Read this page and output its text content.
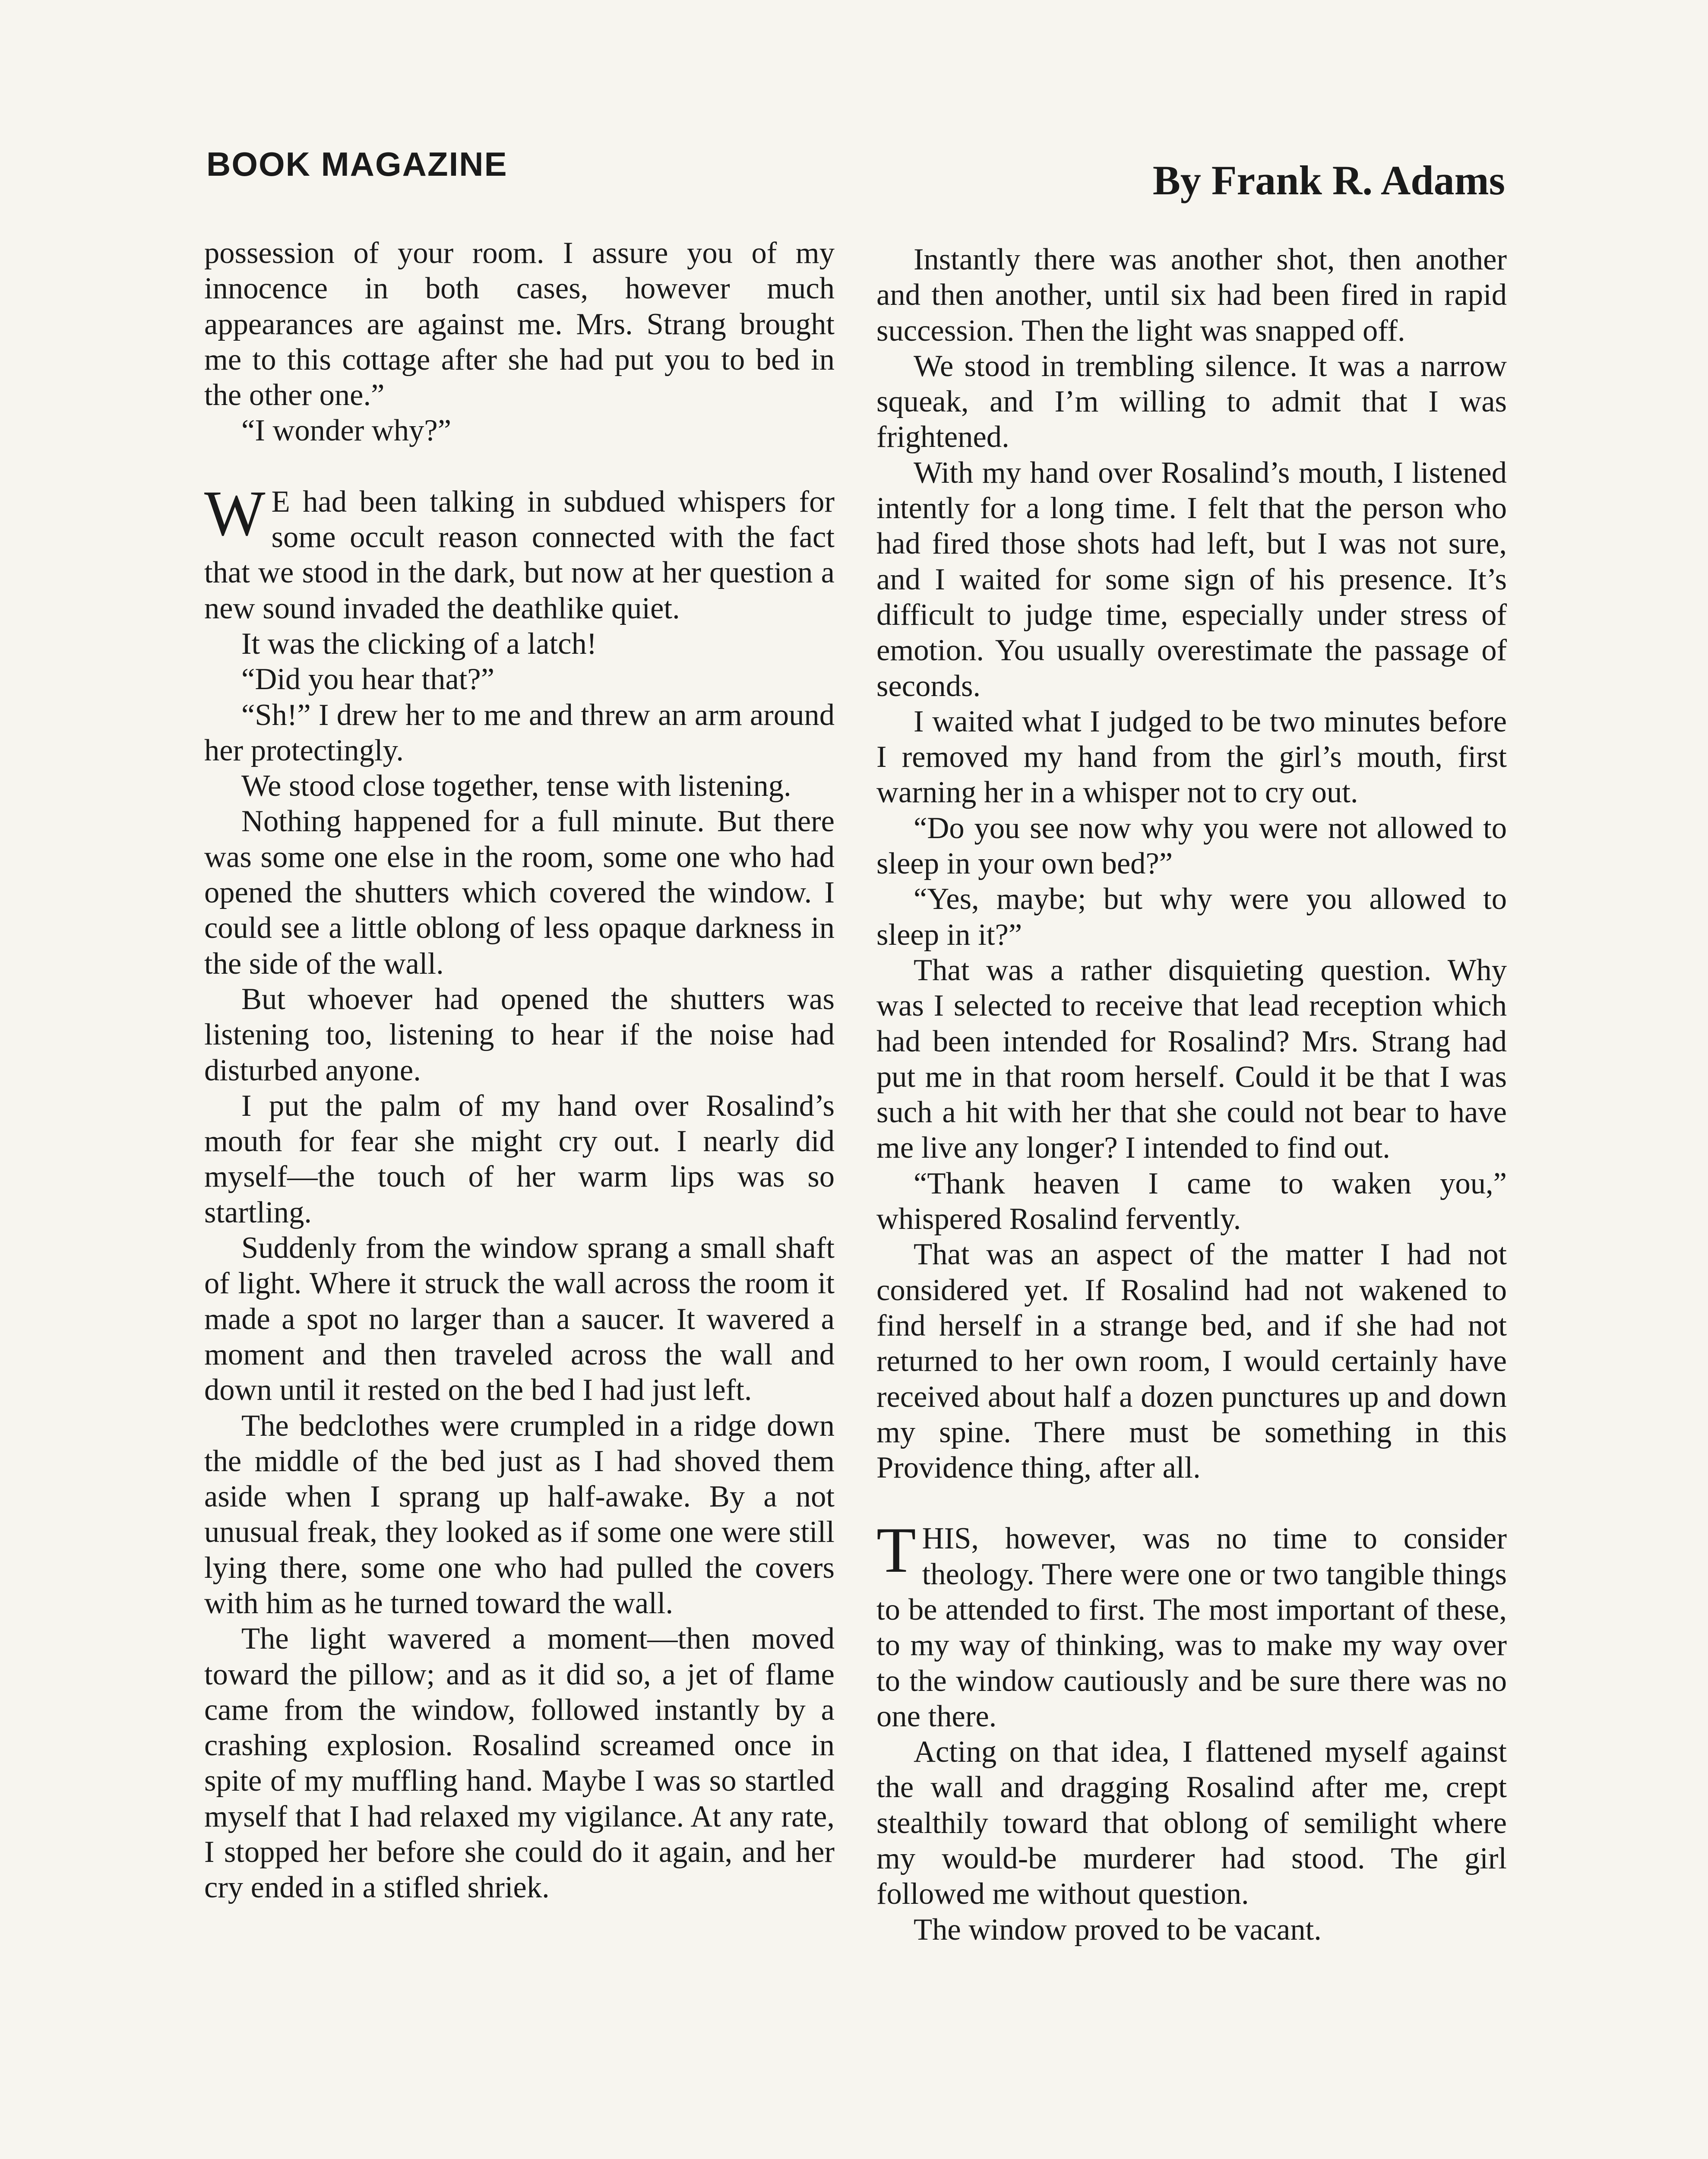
BOOK MAGAZINE	By Frank R. Adams

possession of your room. I assure you of my innocence in both cases, however much appearances are against me. Mrs. Strang brought me to this cottage after she had put you to bed in the other one.”

“I wonder why?”

W E had been talking in subdued whispers for some occult reason connected with the fact that we stood in the dark, but now at her question a new sound invaded the deathlike quiet.

It was the clicking of a latch!

“Did you hear that?”

“Sh!” I drew her to me and threw an arm around her protectingly.

We stood close together, tense with listening.

Nothing happened for a full minute. But there was some one else in the room, some one who had opened the shutters which covered the window. I could see a little oblong of less opaque darkness in the side of the wall.

But whoever had opened the shutters was listening too, listening to hear if the noise had disturbed anyone.

I put the palm of my hand over Rosalind’s mouth for fear she might cry out. I nearly did myself—the touch of her warm lips was so startling.

Suddenly from the window sprang a small shaft of light. Where it struck the wall across the room it made a spot no larger than a saucer. It wavered a moment and then traveled across the wall and down until it rested on the bed I had just left.

The bedclothes were crumpled in a ridge down the middle of the bed just as I had shoved them aside when I sprang up half-awake. By a not unusual freak, they looked as if some one were still lying there, some one who had pulled the covers with him as he turned toward the wall.

The light wavered a moment—then moved toward the pillow; and as it did so, a jet of flame came from the window, followed instantly by a crashing explosion. Rosalind screamed once in spite of my muffling hand. Maybe I was so startled myself that I had relaxed my vigilance. At any rate, I stopped her before she could do it again, and her cry ended in a stifled shriek.

Instantly there was another shot, then another and then another, until six had been fired in rapid succession. Then the light was snapped off.

We stood in trembling silence. It was a narrow squeak, and I’m willing to admit that I was frightened.

With my hand over Rosalind’s mouth, I listened intently for a long time. I felt that the person who had fired those shots had left, but I was not sure, and I waited for some sign of his presence. It’s difficult to judge time, especially under stress of emotion. You usually overestimate the passage of seconds.

I waited what I judged to be two minutes before I removed my hand from the girl’s mouth, first warning her in a whisper not to cry out.

“Do you see now why you were not allowed to sleep in your own bed?”

“Yes, maybe; but why were you allowed to sleep in it?”

That was a rather disquieting question. Why was I selected to receive that lead reception which had been intended for Rosalind? Mrs. Strang had put me in that room herself. Could it be that I was such a hit with her that she could not bear to have me live any longer? I intended to find out.

“Thank heaven I came to waken you,” whispered Rosalind fervently.

That was an aspect of the matter I had not considered yet. If Rosalind had not wakened to find herself in a strange bed, and if she had not returned to her own room, I would certainly have received about half a dozen punctures up and down my spine. There must be something in this Providence thing, after all.

THIS, however, was no time to consider theology. There were one or two tangible things to be attended to first. The most important of these, to my way of thinking, was to make my way over to the window cautiously and be sure there was no one there.

Acting on that idea, I flattened myself against the wall and dragging Rosalind after me, crept stealthily toward that oblong of semilight where my would-be murderer had stood. The girl followed me without question.

The window proved to be vacant.
